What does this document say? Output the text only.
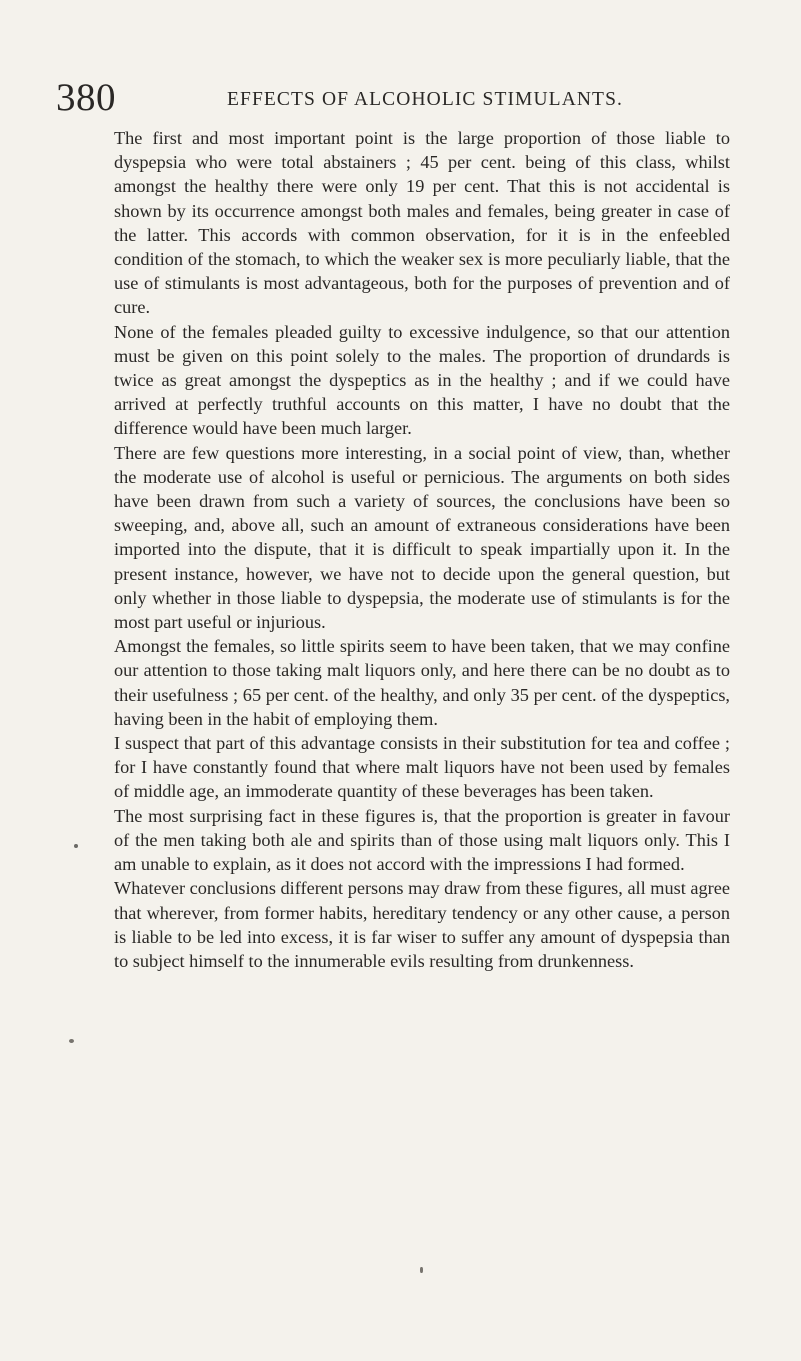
380	EFFECTS OF ALCOHOLIC STIMULANTS.

The first and most important point is the large proportion of those liable to dyspepsia who were total abstainers ; 45 per cent. being of this class, whilst amongst the healthy there were only 19 per cent. That this is not accidental is shown by its occurrence amongst both males and females, being greater in case of the latter. This accords with common observation, for it is in the enfeebled condition of the stomach, to which the weaker sex is more peculiarly liable, that the use of stimulants is most advantageous, both for the purposes of prevention and of cure.

None of the females pleaded guilty to excessive indulgence, so that our attention must be given on this point solely to the males. The proportion of drundards is twice as great amongst the dyspeptics as in the healthy ; and if we could have arrived at perfectly truthful accounts on this matter, I have no doubt that the difference would have been much larger.

There are few questions more interesting, in a social point of view, than, whether the moderate use of alcohol is useful or pernicious. The arguments on both sides have been drawn from such a variety of sources, the conclusions have been so sweeping, and, above all, such an amount of extraneous considerations have been imported into the dispute, that it is difficult to speak impartially upon it. In the present instance, however, we have not to decide upon the general question, but only whether in those liable to dyspepsia, the moderate use of stimulants is for the most part useful or injurious.

Amongst the females, so little spirits seem to have been taken, that we may confine our attention to those taking malt liquors only, and here there can be no doubt as to their usefulness ; 65 per cent. of the healthy, and only 35 per cent. of the dyspeptics, having been in the habit of employing them.

I suspect that part of this advantage consists in their substitution for tea and coffee ; for I have constantly found that where malt liquors have not been used by females of middle age, an immoderate quantity of these beverages has been taken.

The most surprising fact in these figures is, that the proportion is greater in favour of the men taking both ale and spirits than of those using malt liquors only. This I am unable to explain, as it does not accord with the impressions I had formed.

Whatever conclusions different persons may draw from these figures, all must agree that wherever, from former habits, hereditary tendency or any other cause, a person is liable to be led into excess, it is far wiser to suffer any amount of dyspepsia than to subject himself to the innumerable evils resulting from drunkenness.
